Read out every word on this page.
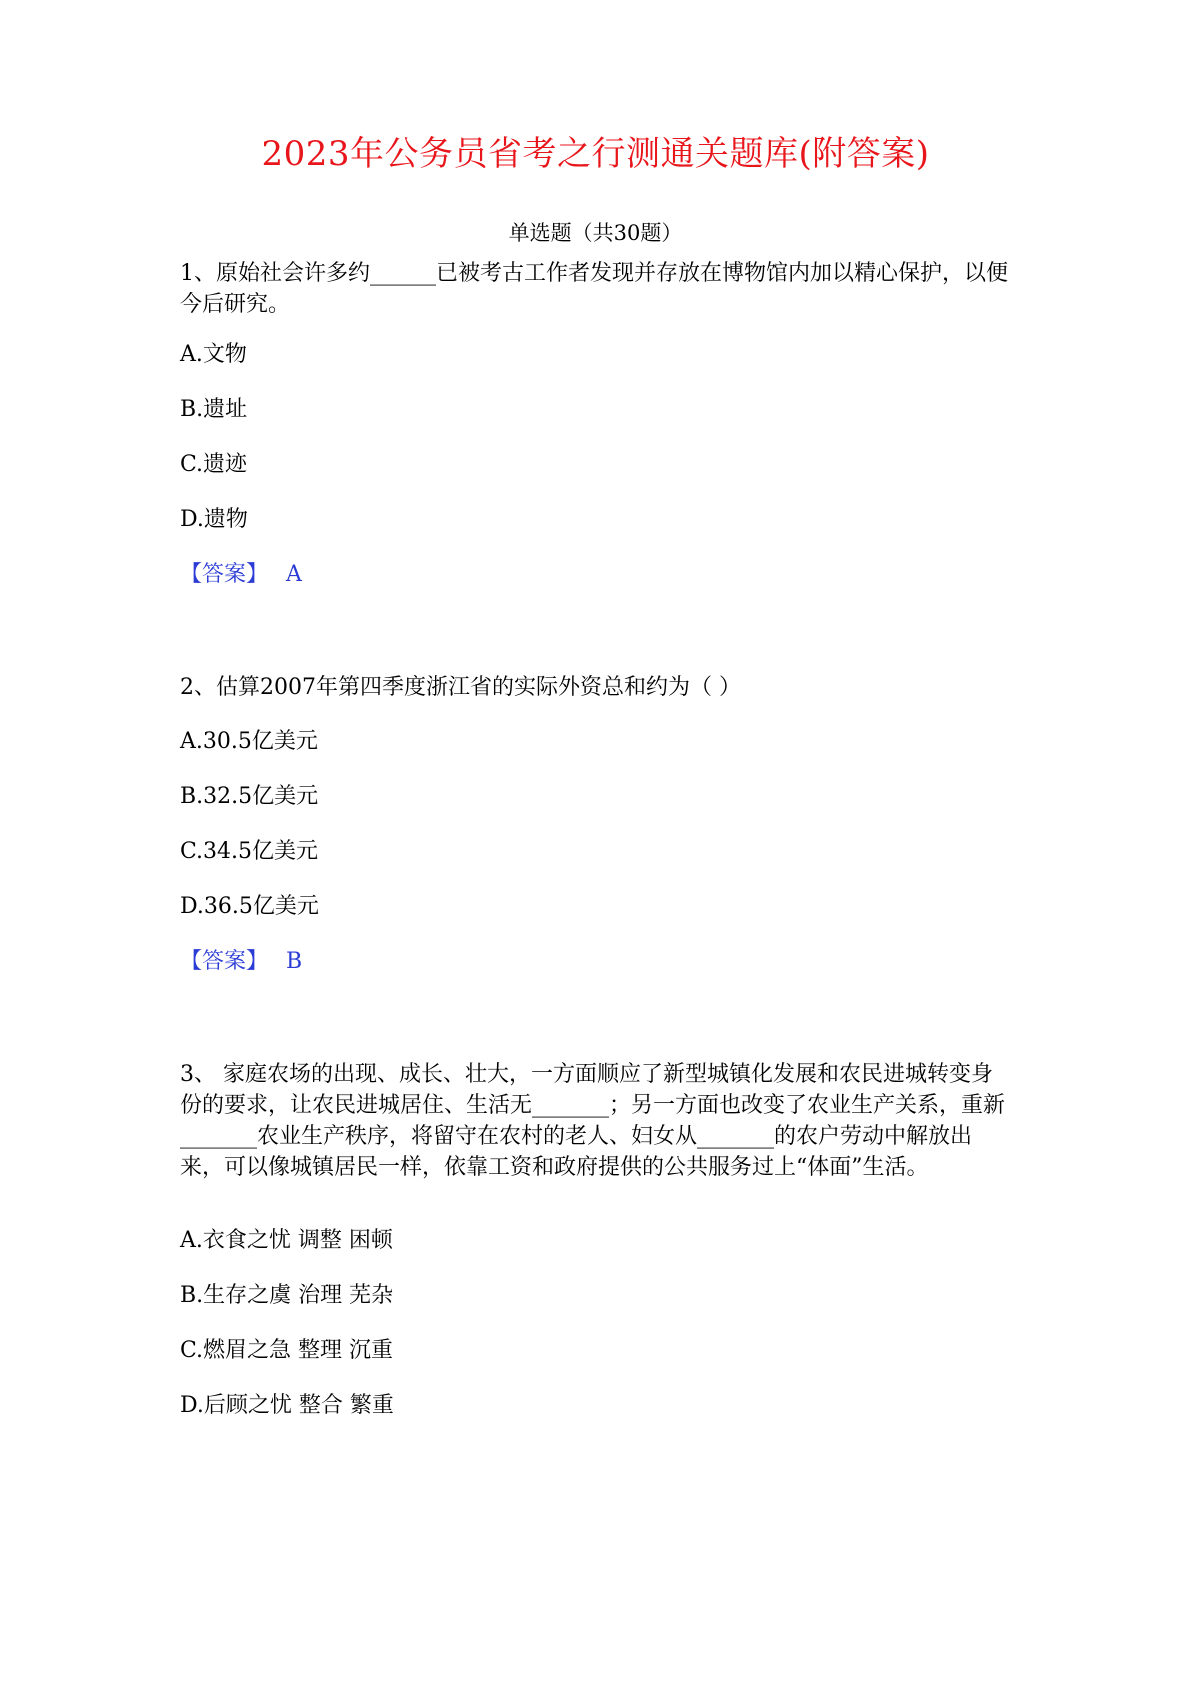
2023年公务员省考之行测通关题库(附答案)
单选题（共30题）

1、原始社会许多约______已被考古工作者发现并存放在博物馆内加以精心保护，以便今后研究。

A.文物
B.遗址
C.遗迹
D.遗物
【答案】 A

2、估算2007年第四季度浙江省的实际外资总和约为（ ）

A.30.5亿美元
B.32.5亿美元
C.34.5亿美元
D.36.5亿美元
【答案】 B

3、 家庭农场的出现、成长、壮大，一方面顺应了新型城镇化发展和农民进城转变身份的要求，让农民进城居住、生活无_______；另一方面也改变了农业生产关系，重新_______农业生产秩序，将留守在农村的老人、妇女从_______的农户劳动中解放出来，可以像城镇居民一样，依靠工资和政府提供的公共服务过上“体面”生活。

A.衣食之忧 调整 困顿
B.生存之虞 治理 芜杂
C.燃眉之急 整理 沉重
D.后顾之忧 整合 繁重
